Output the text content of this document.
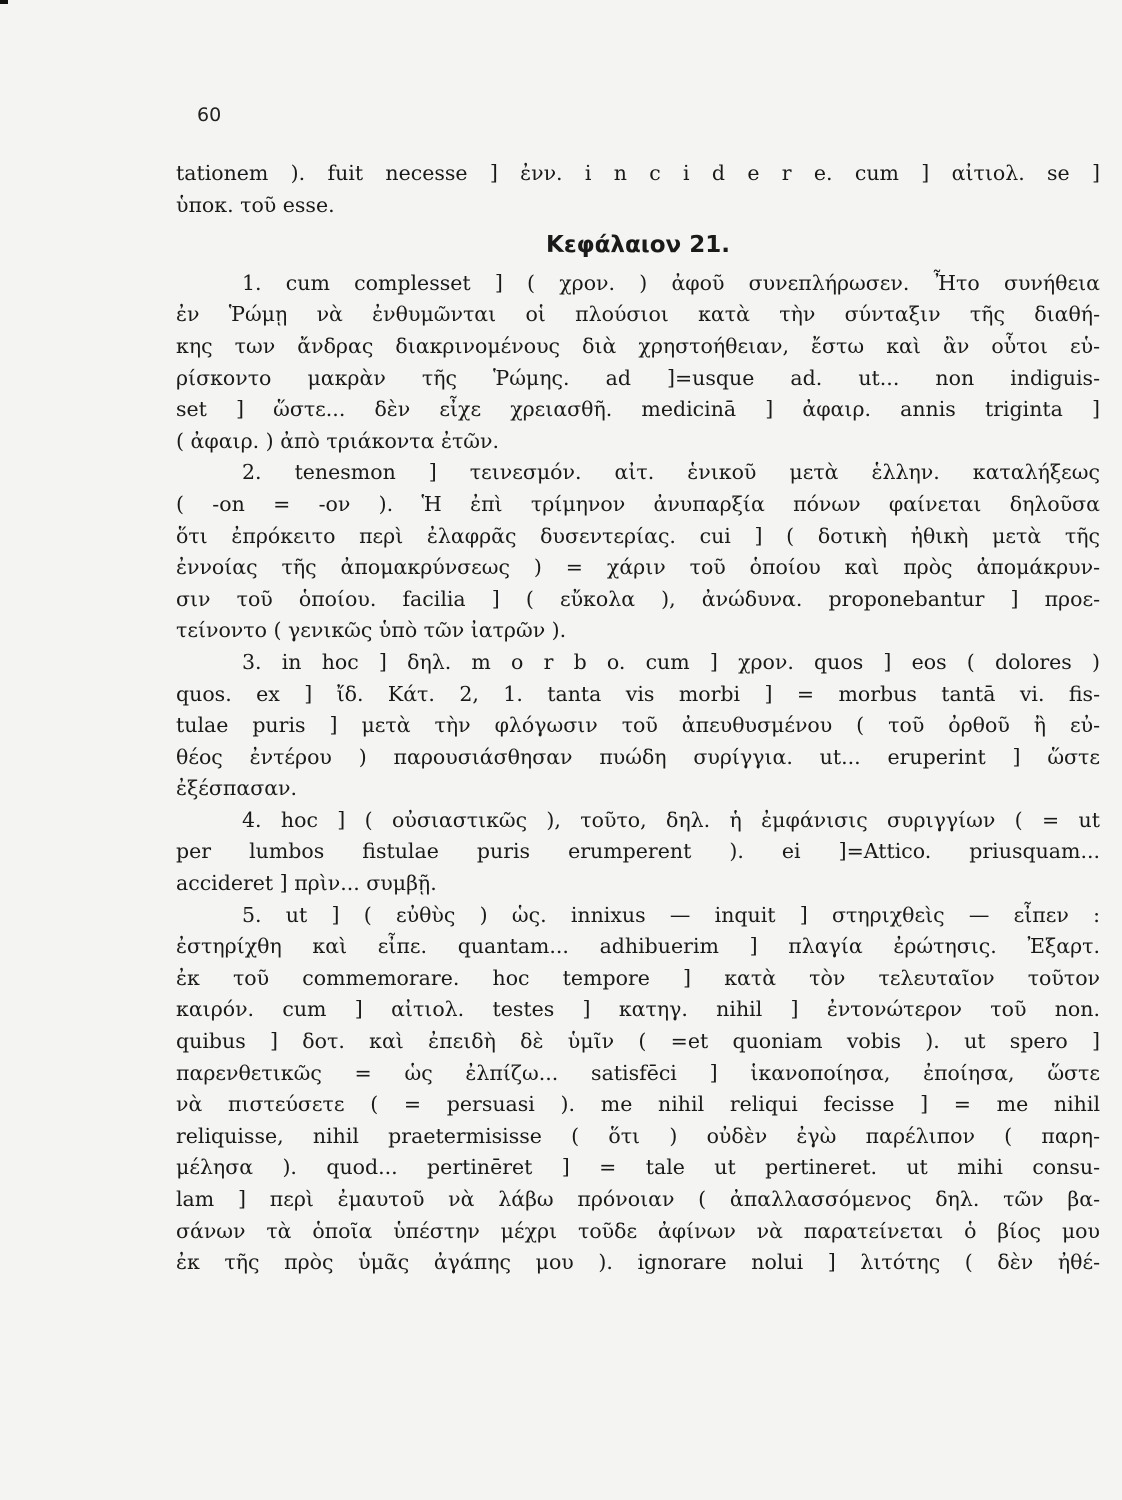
60
tationem ). fuit necesse ] ἐνν. i n c i d e r e. cum ] αἰτιολ. se ]
ὑποκ. τοῦ esse.
Κεφάλαιον 21.
1. cum complesset ] ( χρον. ) ἀφοῦ συνεπλήρωσεν. Ἦτο συνήθεια
ἐν Ῥώμῃ νὰ ἐνθυμῶνται οἱ πλούσιοι κατὰ τὴν σύνταξιν τῆς διαθή-
κης των ἄνδρας διακρινομένους διὰ χρηστοήθειαν, ἔστω καὶ ἂν οὗτοι εὑ-
ρίσκοντο μακρὰν τῆς Ῥώμης. ad ]=usque ad. ut... non indiguis-
set ] ὥστε... δὲν εἶχε χρειασθῆ. medicinā ] ἀφαιρ. annis triginta ]
( ἀφαιρ. ) ἀπὸ τριάκοντα ἐτῶν.
2. tenesmon ] τεινεσμόν. αἰτ. ἑνικοῦ μετὰ ἑλλην. καταλήξεως
( -on = -ον ). Ἡ ἐπὶ τρίμηνον ἀνυπαρξία πόνων φαίνεται δηλοῦσα
ὅτι ἐπρόκειτο περὶ ἐλαφρᾶς δυσεντερίας. cui ] ( δοτικὴ ἠθικὴ μετὰ τῆς
ἐννοίας τῆς ἀπομακρύνσεως ) = χάριν τοῦ ὁποίου καὶ πρὸς ἀπομάκρυν-
σιν τοῦ ὁποίου. facilia ] ( εὔκολα ), ἀνώδυνα. proponebantur ] προε-
τείνοντο ( γενικῶς ὑπὸ τῶν ἰατρῶν ).
3. in hoc ] δηλ. m o r b o. cum ] χρον. quos ] eos ( dolores )
quos. ex ] ἴδ. Κάτ. 2, 1. tanta vis morbi ] = morbus tantā vi. fis-
tulae puris ] μετὰ τὴν φλόγωσιν τοῦ ἀπευθυσμένου ( τοῦ ὀρθοῦ ἢ εὐ-
θέος ἐντέρου ) παρουσιάσθησαν πυώδη συρίγγια. ut... eruperint ] ὥστε
ἐξέσπασαν.
4. hoc ] ( οὐσιαστικῶς ), τοῦτο, δηλ. ἡ ἐμφάνισις συριγγίων ( = ut
per lumbos fistulae puris erumperent ). ei ]=Attico. priusquam...
accideret ] πρὶν... συμβῇ.
5. ut ] ( εὐθὺς ) ὡς. innixus — inquit ] στηριχθεὶς — εἶπεν :
ἐστηρίχθη καὶ εἶπε. quantam... adhibuerim ] πλαγία ἐρώτησις. Ἐξαρτ.
ἐκ τοῦ commemorare. hoc tempore ] κατὰ τὸν τελευταῖον τοῦτον
καιρόν. cum ] αἰτιολ. testes ] κατηγ. nihil ] ἐντονώτερον τοῦ non.
quibus ] δοτ. καὶ ἐπειδὴ δὲ ὑμῖν ( =et quoniam vobis ). ut spero ]
παρενθετικῶς = ὡς ἐλπίζω... satisfēci ] ἱκανοποίησα, ἐποίησα, ὥστε
νὰ πιστεύσετε ( = persuasi ). me nihil reliqui fecisse ] = me nihil
reliquisse, nihil praetermisisse ( ὅτι ) οὐδὲν ἐγὼ παρέλιπον ( παρη-
μέλησα ). quod... pertinēret ] = tale ut pertineret. ut mihi consu-
lam ] περὶ ἐμαυτοῦ νὰ λάβω πρόνοιαν ( ἀπαλλασσόμενος δηλ. τῶν βα-
σάνων τὰ ὁποῖα ὑπέστην μέχρι τοῦδε ἀφίνων νὰ παρατείνεται ὁ βίος μου
ἐκ τῆς πρὸς ὑμᾶς ἀγάπης μου ). ignorare nolui ] λιτότης ( δὲν ἠθέ-
